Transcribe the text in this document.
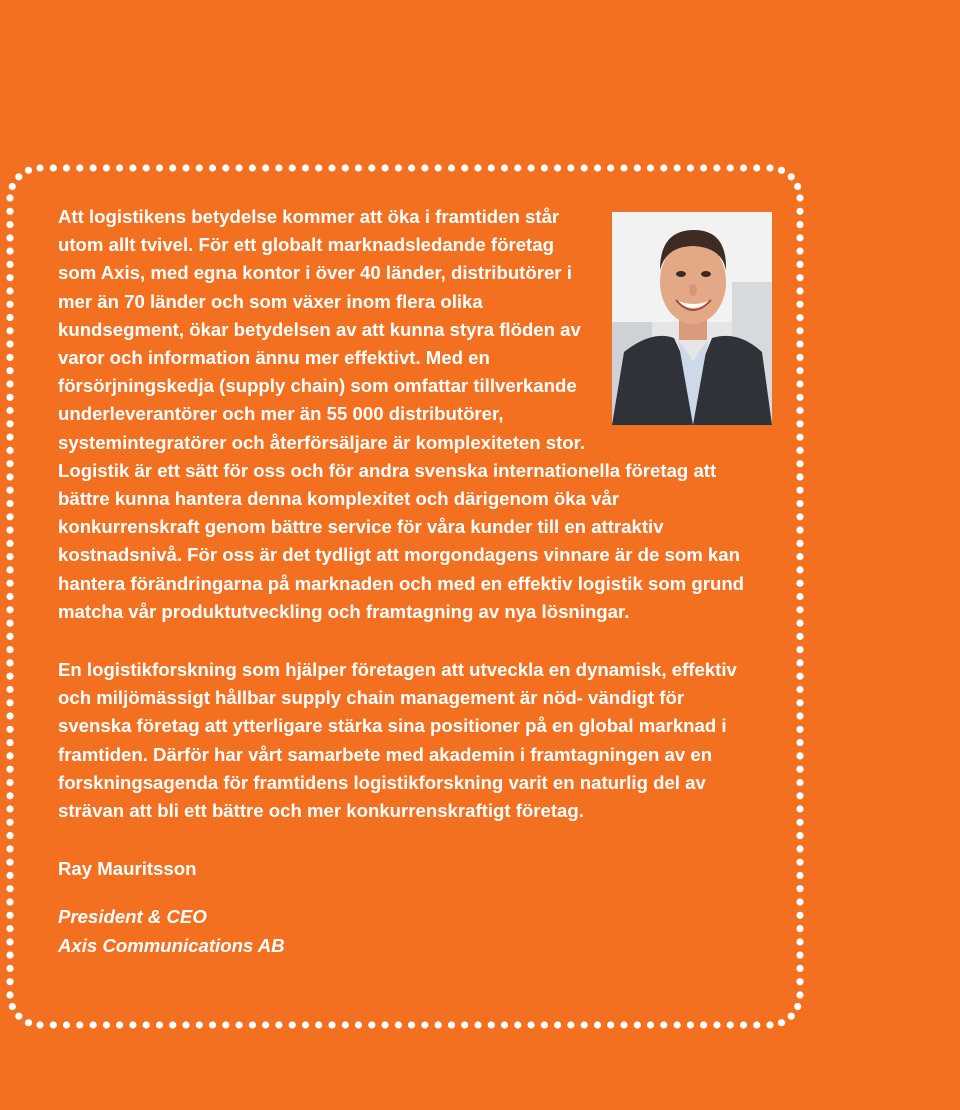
Att logistikens betydelse kommer att öka i framtiden står utom allt tvivel. För ett globalt marknadsledande företag som Axis, med egna kontor i över 40 länder, distributörer i mer än 70 länder och som växer inom flera olika kundsegment, ökar betydelsen av att kunna styra flöden av varor och information ännu mer effektivt. Med en försörjningskedja (supply chain) som omfattar tillverkande underleverantörer och mer än 55 000 distributörer, systemintegratörer och återförsäljare är komplexiteten stor. Logistik är ett sätt för oss och för andra svenska internationella företag att bättre kunna hantera denna komplexitet och därigenom öka vår konkurrenskraft genom bättre service för våra kunder till en attraktiv kostnadsnivå. För oss är det tydligt att morgondagens vinnare är de som kan hantera förändringarna på marknaden och med en effektiv logistik som grund matcha vår produktutveckling och framtagning av nya lösningar.

En logistikforskning som hjälper företagen att utveckla en dynamisk, effektiv och miljömässigt hållbar supply chain management är nöd- vändigt för svenska företag att ytterligare stärka sina positioner på en global marknad i framtiden. Därför har vårt samarbete med akademin i framtagningen av en forskningsagenda för framtidens logistikforskning varit en naturlig del av strävan att bli ett bättre och mer konkurrenskraftigt företag.

Ray Mauritsson
President & CEO
Axis Communications AB
